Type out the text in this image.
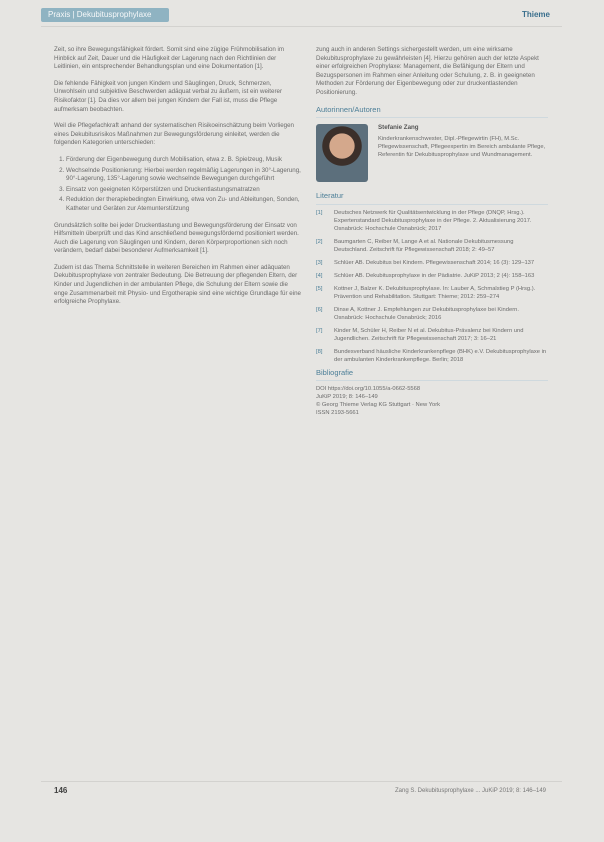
Praxis | Dekubitusprophylaxe	Thieme

Zeit, so ihre Bewegungsfähigkeit fördert. Somit sind eine zügige Frühmobilisation im Hinblick auf Zeit, Dauer und die Häufigkeit der Lagerung nach den Richtlinien der Leitlinien, ein entsprechender Behandlungsplan und eine Dokumentation [1].

Die fehlende Fähigkeit von jungen Kindern und Säuglingen, Druck, Schmerzen, Unwohlsein und subjektive Beschwerden adäquat verbal zu äußern, ist ein weiterer Risikofaktor [1]. Da dies vor allem bei jungen Kindern der Fall ist, muss die Pflege aufmerksam beobachten.

Weil die Pflegefachkraft anhand der systematischen Risikoeinschätzung beim Vorliegen eines Dekubitusrisikos Maßnahmen zur Bewegungsförderung einleitet, werden die folgenden Kategorien unterschieden:

1. Förderung der Eigenbewegung durch Mobilisation, etwa z. B. Spielzeug, Musik
2. Wechselnde Positionierung: Hierbei werden regelmäßig Lagerungen in 30°-Lagerung, 90°-Lagerung, 135°-Lagerung sowie wechselnde Bewegungen durchgeführt
3. Einsatz von geeigneten Körperstützen und Druckentlastungsmatratzen
4. Reduktion der therapiebedingten Einwirkung, etwa von Zu- und Ableitungen, Sonden, Katheter und Geräten zur Atemunterstützung

Grundsätzlich sollte bei jeder Druckentlastung und Bewegungsförderung der Einsatz von Hilfsmitteln überprüft und das Kind anschließend bewegungsfördernd positioniert werden. Auch die Lagerung von Säuglingen und Kindern, deren Körperproportionen sich noch verändern, bedarf dabei besonderer Aufmerksamkeit [1].

Zudem ist das Thema Schnittstelle in weiteren Bereichen im Rahmen einer adäquaten Dekubitusprophylaxe von zentraler Bedeutung. Die Betreuung der pflegenden Eltern, der Kinder und Jugendlichen in der ambulanten Pflege, die Schulung der Eltern sowie die enge Zusammenarbeit mit Physio- und Ergotherapie sind eine wichtige Grundlage für eine erfolgreiche Prophylaxe.

zung auch in anderen Settings sichergestellt werden, um eine wirksame Dekubitusprophylaxe zu gewährleisten [4]. Hierzu gehören auch der letzte Aspekt einer erfolgreichen Prophylaxe: Management, die Befähigung der Eltern und Bezugspersonen im Rahmen einer Anleitung oder Schulung, z. B. in geeigneten Methoden zur Förderung der Eigenbewegung oder zur druckentlastenden Positionierung.

Autorinnen/Autoren
Stefanie Zang
Kinderkrankenschwester, Dipl.-Pflegewirtin (FH), M.Sc. Pflegewissenschaft, Pflegeexpertin im Bereich ambulante Pflege, Referentin für Dekubitusprophylaxe und Wundmanagement.
Literatur
[1]	Deutsches Netzwerk für Qualitätsentwicklung in der Pflege (DNQP, Hrsg.). Expertenstandard Dekubitusprophylaxe in der Pflege. 2. Aktualisierung 2017. Osnabrück: Hochschule Osnabrück; 2017
[2]	Baumgarten C, Reiber M, Lange A et al. Nationale Dekubitusmessung Deutschland. Zeitschrift für Pflegewissenschaft 2018; 2: 49–57
[3]	Schlüer AB. Dekubitus bei Kindern. Pflegewissenschaft 2014; 16 (3): 129–137
[4]	Schlüer AB. Dekubitusprophylaxe in der Pädiatrie. JuKiP 2013; 2 (4): 158–163
[5]	Kottner J, Balzer K. Dekubitusprophylaxe. In: Lauber A, Schmalstieg P (Hrsg.). Prävention und Rehabilitation. Stuttgart: Thieme; 2012: 259–274
[6]	Dinse A, Kottner J. Empfehlungen zur Dekubitusprophylaxe bei Kindern. Osnabrück: Hochschule Osnabrück; 2016
[7]	Kinder M, Schüler H, Reiber N et al. Dekubitus-Prävalenz bei Kindern und Jugendlichen. Zeitschrift für Pflegewissenschaft 2017; 3: 16–21
[8]	Bundesverband häusliche Kinderkrankenpflege (BHK) e.V. Dekubitusprophylaxe in der ambulanten Kinderkrankenpflege. Berlin; 2018
Bibliografie
DOI https://doi.org/10.1055/a-0662-5568
JuKiP 2019; 8: 146–149
© Georg Thieme Verlag KG Stuttgart · New York
ISSN 2193-5661
146	Zang S. Dekubitusprophylaxe ... JuKiP 2019; 8: 146–149
